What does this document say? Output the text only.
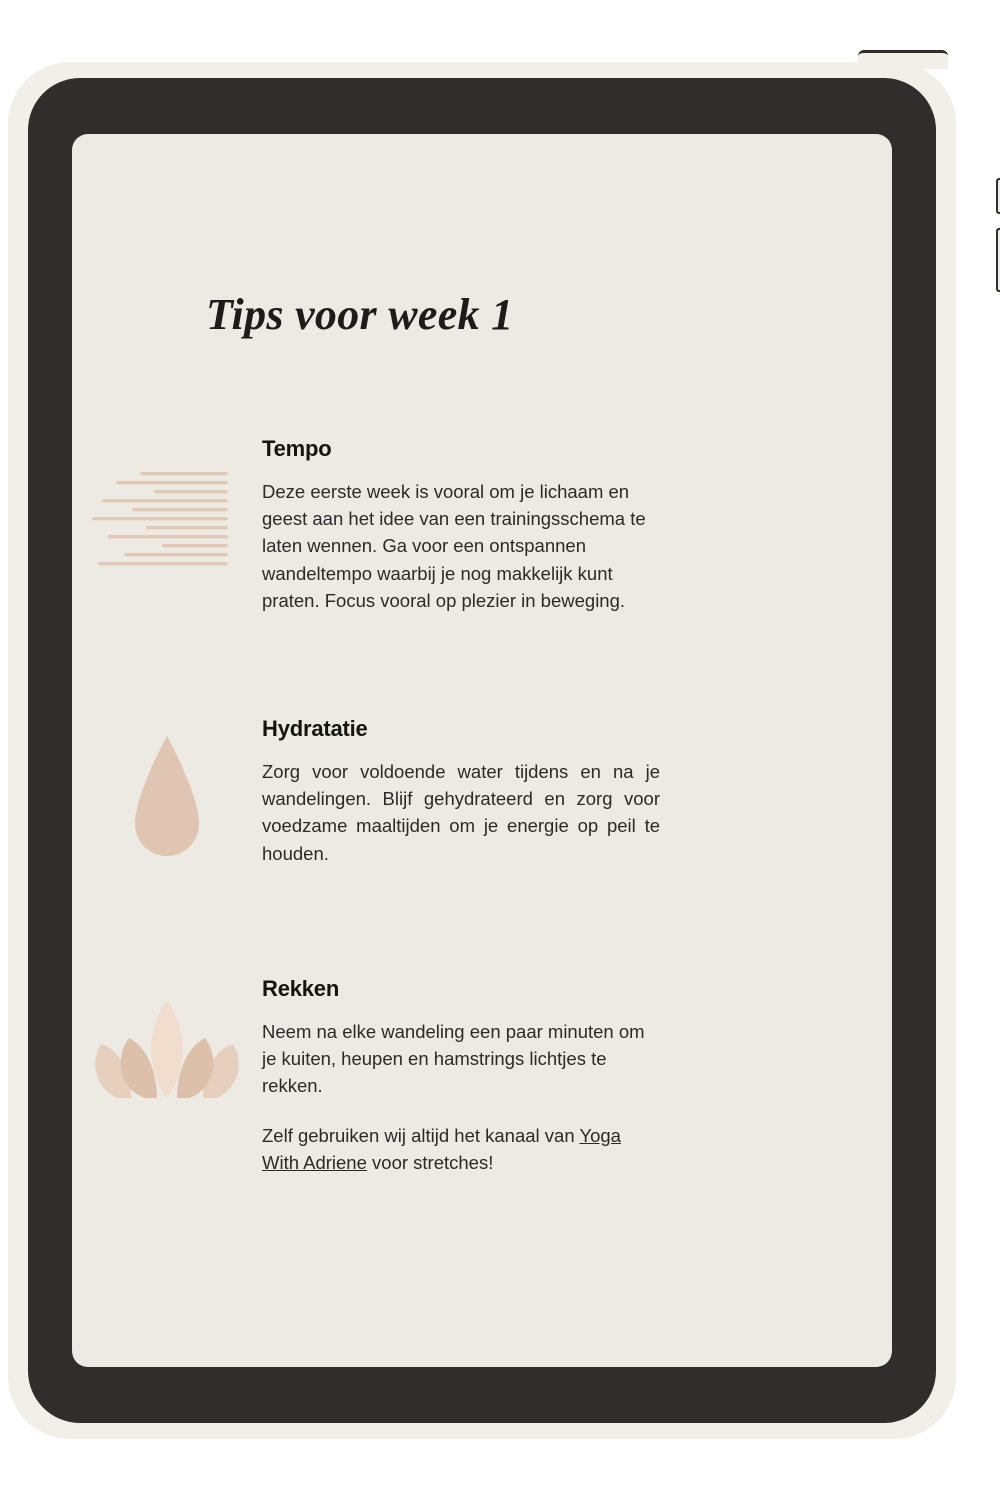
Tips voor week 1
Tempo

Deze eerste week is vooral om je lichaam en geest aan het idee van een trainingsschema te laten wennen. Ga voor een ontspannen wandeltempo waarbij je nog makkelijk kunt praten. Focus vooral op plezier in beweging.

Hydratatie

Zorg voor voldoende water tijdens en na je wandelingen. Blijf gehydrateerd en zorg voor voedzame maaltijden om je energie op peil te houden.

Rekken

Neem na elke wandeling een paar minuten om je kuiten, heupen en hamstrings lichtjes te rekken.

Zelf gebruiken wij altijd het kanaal van Yoga With Adriene voor stretches!
